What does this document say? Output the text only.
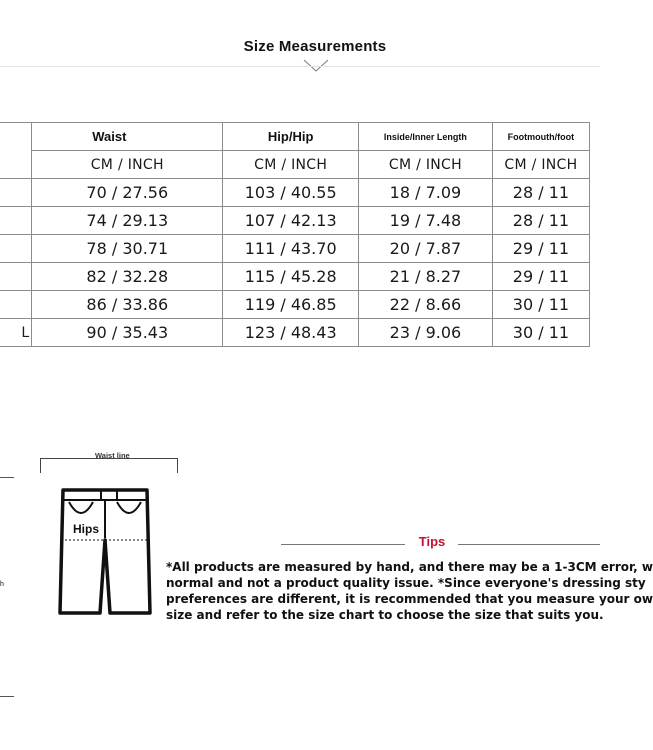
Size Measurements
	Waist	Hip/Hip	Inside/Inner Length	Footmouth/foot
	CM / INCH	CM / INCH	CM / INCH	CM / INCH
	70 / 27.56	103 / 40.55	18 / 7.09	28 / 11
	74 / 29.13	107 / 42.13	19 / 7.48	28 / 11
	78 / 30.71	111 / 43.70	20 / 7.87	29 / 11
	82 / 32.28	115 / 45.28	21 / 8.27	29 / 11
	86 / 33.86	119 / 46.85	22 / 8.66	30 / 11
L	90 / 35.43	123 / 48.43	23 / 9.06	30 / 11
h
Waist line
Hips
Tips
*All products are measured by hand, and there may be a 1-3CM error, w
normal and not a product quality issue. *Since everyone's dressing sty
preferences are different, it is recommended that you measure your ow
size and refer to the size chart to choose the size that suits you.
